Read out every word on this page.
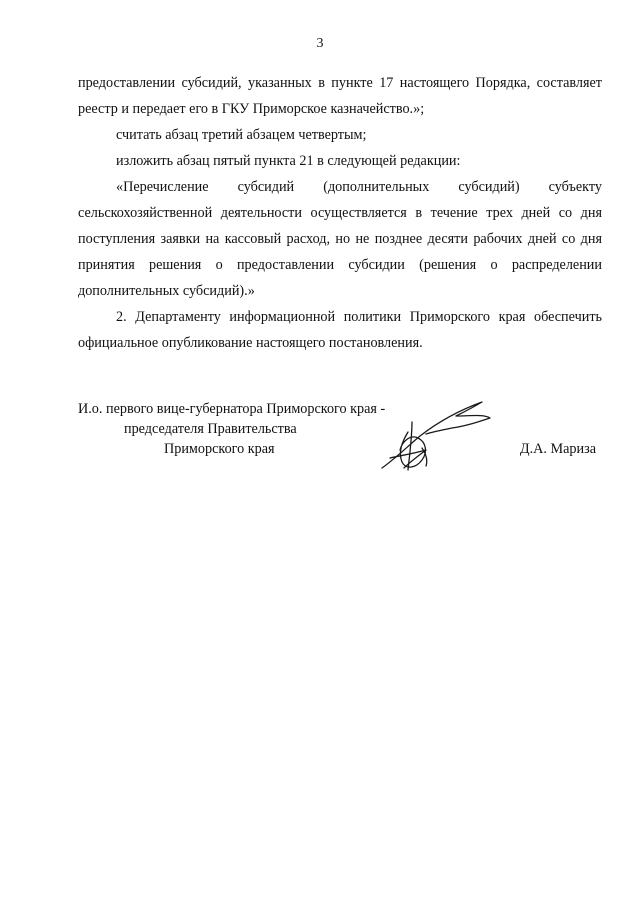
3

предоставлении субсидий, указанных в пункте 17 настоящего Порядка, составляет реестр и передает его в ГКУ Приморское казначейство.»;

считать абзац третий абзацем четвертым;

изложить абзац пятый пункта 21 в следующей редакции:

«Перечисление субсидий (дополнительных субсидий) субъекту сельскохозяйственной деятельности осуществляется в течение трех дней со дня поступления заявки на кассовый расход, но не позднее десяти рабочих дней со дня принятия решения о предоставлении субсидии (решения о распределении дополнительных субсидий).»

2. Департаменту информационной политики Приморского края обеспечить официальное опубликование настоящего постановления.

И.о. первого вице-губернатора Приморского края -
председателя Правительства
Приморского края	Д.А. Мариза
